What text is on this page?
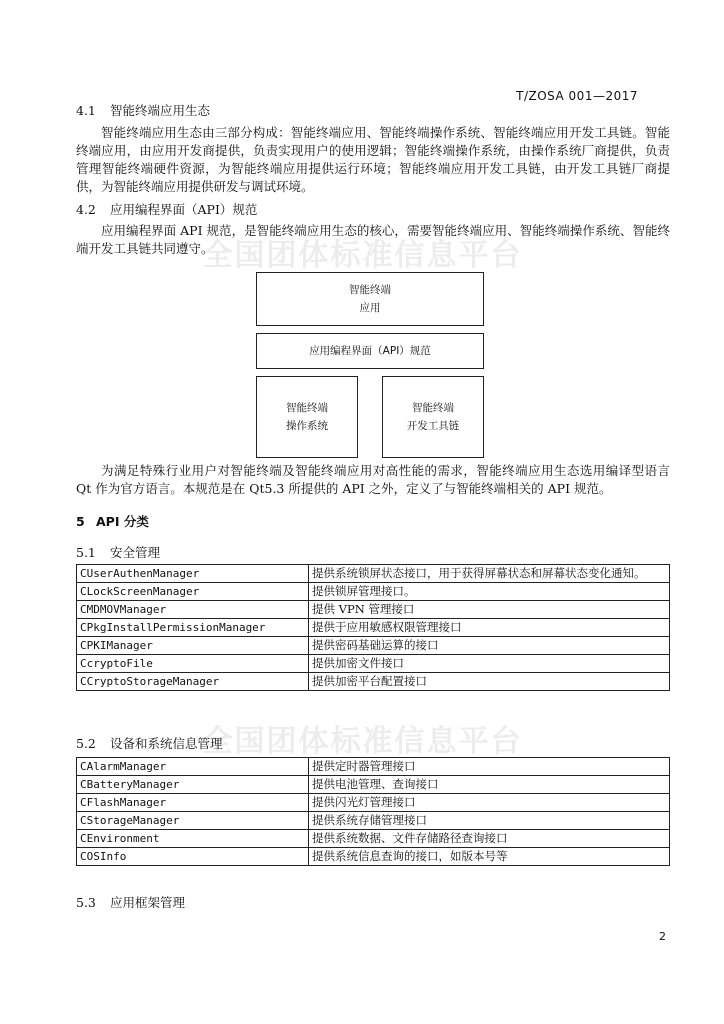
T/ZOSA 001—2017
全国团体标准信息平台
全国团体标准信息平台
4.1 智能终端应用生态
智能终端应用生态由三部分构成：智能终端应用、智能终端操作系统、智能终端应用开发工具链。智能终端应用，由应用开发商提供，负责实现用户的使用逻辑；智能终端操作系统，由操作系统厂商提供，负责管理智能终端硬件资源，为智能终端应用提供运行环境；智能终端应用开发工具链，由开发工具链厂商提供，为智能终端应用提供研发与调试环境。
4.2 应用编程界面（API）规范
应用编程界面 API 规范，是智能终端应用生态的核心，需要智能终端应用、智能终端操作系统、智能终端开发工具链共同遵守。
智能终端
应用
应用编程界面（API）规范
智能终端
操作系统
智能终端
开发工具链
为满足特殊行业用户对智能终端及智能终端应用对高性能的需求，智能终端应用生态选用编译型语言 Qt 作为官方语言。本规范是在 Qt5.3 所提供的 API 之外，定义了与智能终端相关的 API 规范。
5 API 分类
5.1 安全管理
CUserAuthenManager	提供系统锁屏状态接口，用于获得屏幕状态和屏幕状态变化通知。
CLockScreenManager	提供锁屏管理接口。
CMDMOVManager	提供 VPN 管理接口
CPkgInstallPermissionManager	提供于应用敏感权限管理接口
CPKIManager	提供密码基础运算的接口
CcryptoFile	提供加密文件接口
CCryptoStorageManager	提供加密平台配置接口
5.2 设备和系统信息管理
CAlarmManager	提供定时器管理接口
CBatteryManager	提供电池管理、查询接口
CFlashManager	提供闪光灯管理接口
CStorageManager	提供系统存储管理接口
CEnvironment	提供系统数据、文件存储路径查询接口
COSInfo	提供系统信息查询的接口，如版本号等
5.3 应用框架管理
2
